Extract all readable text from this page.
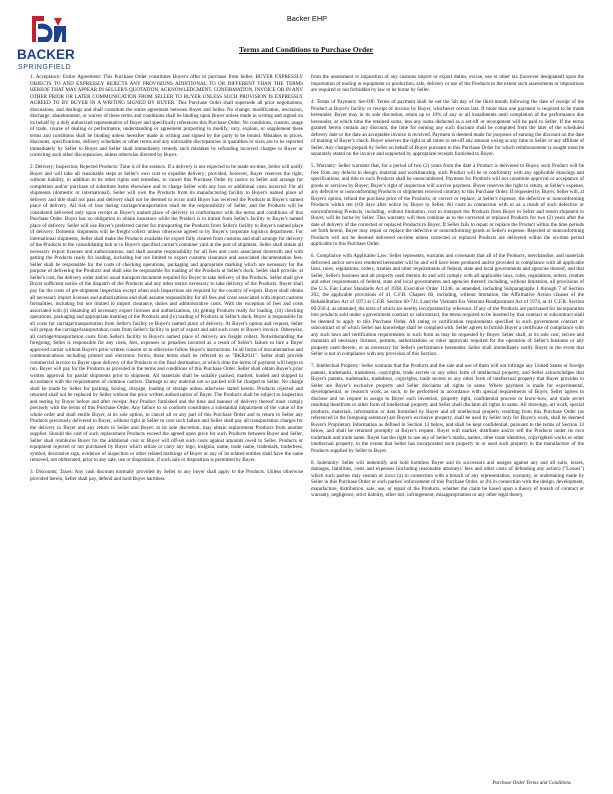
BACKER
SPRINGFIELD
Backer EHP
Terms and Conditions to Purchase Order

1. Acceptance; Entire Agreement: This Purchase Order constitutes Buyer's offer to purchase from Seller. BUYER EXPRESSLY OBJECTS TO AND EXPRESSLY REJECTS ANY PROVISIONS ADDITIONAL TO OR DIFFERENT THAN THE TERMS HEREOF THAT MAY APPEAR IN SELLER'S QUOTATION, ACKNOWLEDGMENT, CONFIRMATION, INVOICE OR IN ANY OTHER PRIOR OR LATER COMMUNICATION FROM SELLER TO BUYER UNLESS SUCH PROVISION IS EXPRESSLY AGREED TO BY BUYER IN A WRITING SIGNED BY BUYER. This Purchase Order shall supersede all prior negotiations, discussions, and dealings and shall constitute the entire agreement between Buyer and Seller. No change, modification, rescission, discharge, abandonment, or waiver of these terms and conditions shall be binding upon Buyer unless made in writing and signed on its behalf by a duly authorized representative of Buyer and specifically references this Purchase Order. No conditions, custom, usage of trade, course of dealing or performance, understanding or agreement purporting to modify, vary, explain, or supplement these terms and conditions shall be binding unless hereafter made in writing and signed by the party to be bound. Mistakes in prices, discounts, specifications, delivery schedules or other terms and any noticeable discrepancies in quantities or sizes are to be reported immediately by Seller to Buyer and Seller shall immediately remedy such mistakes by refunding incorrect charges to Buyer or correcting such other discrepancies, unless otherwise directed by Buyer.

2. Delivery; Inspection; Rejected Products: Time is of the essence. If a delivery is not expected to be made on-time, Seller will notify Buyer and will take all reasonable steps at Seller's own cost to expedite delivery; provided, however, Buyer reserves the right, without liability, in addition to its other rights and remedies, to cancel this Purchase Order by notice to Seller and arrange for completion and/or purchase of substitute items elsewhere and to charge Seller with any loss or additional costs incurred. For all shipments (domestic or international), Seller will own the Products from its manufacturing facility to Buyer's named place of delivery and title shall not pass and delivery shall not be deemed to occur until Buyer has received the Products at Buyer's named place of delivery. All risk of loss during carriage/transportation shall be the responsibility of Seller, and the Products will be considered delivered only upon receipt at Buyer's named place of delivery in conformance with the terms and conditions of this Purchase Order. Buyer has no obligation to obtain insurance while the Product is in transit from Seller's facility to Buyer's named place of delivery. Seller will use Buyer's preferred carrier for transporting the Products from Seller's facility to Buyer's named place of delivery. Domestic shipments will be freight collect unless otherwise agreed to by Buyer's corporate logistics department. For international shipments, Seller shall make the Products available for export fully cleared from customs and shall arrange for delivery of the Products to the consolidating hub or to Buyer's specified carrier's container yard at the port of shipment. Seller shall obtain all necessary export licenses and authorizations, and shall assume responsibility for all fees and costs associated therewith and with getting the Products ready for loading, including but not limited to export customs clearance and associated documentation fees. Seller shall be responsible for the costs of checking operations, packaging and appropriate marking which are necessary for the purpose of delivering the Products and shall also be responsible for loading of the Products at Seller's dock. Seller shall provide, at Seller's cost, the delivery order and/or usual transport document required for Buyer to take delivery of the Products. Seller shall give Buyer sufficient notice of the dispatch of the Products and any other notice necessary to take delivery of the Products. Buyer shall pay for the costs of pre-shipment inspection except when such inspections are required by the country of export. Buyer shall obtain all necessary import licenses and authorizations and shall assume responsibility for all fees and costs associated with import customs formalities, including but not limited to import clearance, duties and administrative costs. With the exception of fees and costs associated with (i) obtaining all necessary export licenses and authorizations, (ii) getting Products ready for loading, (iii) checking operations, packaging and appropriate marking of the Products and (iv) loading of Products at Seller's dock, Buyer is responsible for all costs for carriage/transportation from Seller's facility to Buyer's named place of delivery. At Buyer's option and request, Seller will prepay the carriage/transportation costs from Seller's facility to port of export and add such costs to Buyer's invoice. Otherwise, all carriage/transportation costs from Seller's facility to Buyer's named place of delivery are freight collect. Notwithstanding the foregoing, Seller is responsible for any costs, fees, expenses or penalties incurred as a result of Seller's failure to hire a Buyer approved carrier without Buyer's prior written consent or to otherwise follow Buyer's instructions. In all forms of documentation and communications including printed and electronic forms, these terms shall be referred to as "BKR2011". Seller shall provide commercial invoice to Buyer upon delivery of the Products to the final destination, at which time the terms of payment will begin to run. Buyer will pay for the Products as provided in the terms and conditions of this Purchase Order. Seller shall obtain Buyer's prior written approval for partial shipments prior to shipment. All materials shall be suitably packed, marked, loaded and shipped in accordance with the requirements of common carriers. Damage to any material not so packed will be charged to Seller. No charge shall be made by Seller for packing, boxing, drayage, loading or storage unless otherwise stated herein. Products rejected and returned shall not be replaced by Seller without the prior written authorization of Buyer. The Products shall be subject to inspection and testing by Buyer before and after receipt. Any Product furnished and the time and manner of delivery thereof must comply precisely with the terms of this Purchase Order. Any failure to so conform constitutes a substantial impairment of the value of the whole order and shall entitle Buyer, at its sole option, to cancel all or any part of this Purchase Order and to return to Seller any Products previously delivered to Buyer, without right in Seller to cure such failure and Seller shall pay all transportation charges for the delivery to Buyer and any return to Seller and Buyer, at its sole discretion, may obtain replacement Products from another supplier. Should the cost of such replacement Products exceed the agreed upon price for such Products between Buyer and Seller, Seller shall reimburse Buyer for the additional cost or Buyer will off-set such costs against amounts owed to Seller. Products or equipment rejected or not purchased by Buyer which utilize or carry any logo, insignia, name, trade name, trademark, tradedress, symbol, decorative sign, evidence of inspection or other related markings of Buyer or any of its related entities shall have the same removed, not obliterated, prior to any sale, use or disposition, if such sale or disposition is permitted by Buyer.

3. Discounts; Taxes: Any cash discount normally provided by Seller to any buyer shall apply to the Products. Unless otherwise provided herein, Seller shall pay, defend and hold Buyer harmless

from the assessment or imposition of any customs import or export duties, excise, use or other tax (however designated) upon the importation of tooling or equipment or production, sale, delivery or use of the Products to the extent such assessments or impositions are required or not forbidden by law to be borne by Seller.

4. Terms of Payment; Set-Off: Terms of payment shall be net the 5th day of the third month following the date of receipt of the Product at Buyer's facility or receipt of invoice by Buyer, whichever occurs last. If more than one payment is required to be made hereunder, Buyer may in its sole discretion, retain up to 10% of any or all installments until completion of the performance due hereunder, at which time the retained sums, less any sums deducted as a set-off or recoupment will be paid to Seller. If the terms granted herein contain any discount, the time for earning any such discount shall be computed from the later of the scheduled delivery date or the date an acceptable invoice is received. Payment is deemed made for purposes of earning the discount on the date of mailing of Buyer's check. Buyer reserves the right at all times to set-off any amount owing at any time to Seller or any affiliate of Seller. Any charges prepaid by Seller on behalf of Buyer pursuant to this Purchase Order for which reimbursement is sought must be separately stated on the invoice and supported by appropriate receipts furnished to Buyer.

5. Warranty: Seller warrants that, for a period of two (2) years from the date a Product is delivered to Buyer, such Product will be free from any defects in design, material and workmanship, such Product will be in conformity with any applicable drawings and specifications, and title to such Products shall be unencumbered. Payment for Products will not constitute approval or acceptance of goods or services by Buyer; Buyer's right of inspection will survive payment. Buyer reserves the right to return, at Seller's expense, any defective or nonconforming Products or shipments received contrary to this Purchase Order. If requested by Buyer, Seller will, at Buyer's option, refund the purchase price of the Products, or correct or replace, at Seller's expense, the defective or nonconforming Products within ten (10) days after notice by Buyer to Seller. All costs in connection with or as a result of such defective or nonconforming Products, including, without limitation, cost to transport the Products from Buyer to Seller and return shipment to Buyer, will be borne by Seller. This warranty will then continue as to the corrected or replaced Products for two (2) years after the date of delivery of the corrected or replaced Products to Buyer. If Seller fails to repair or replace the Product within the time periods set forth herein, Buyer may repair or replace the defective or nonconforming goods at Seller's expense. Rejected or nonconforming Products will not be deemed delivered on-time unless corrected or replaced Products are delivered within the on-time period applicable to this Purchase Order.

6. Compliance with Applicable Law: Seller represents, warrants and covenants that all of the Products, merchandise, and materials delivered and/or services rendered hereunder will be and will have been produced and/or provided in compliance with all applicable laws, rules, regulations, orders, treaties and other requirements of federal, state and local governments and agencies thereof, and that Seller, Seller's business and all property used therein do and will comply with all applicable laws, rules, regulations, orders, treaties and other requirements of federal, state and local governments and agencies thereof; including, without limitation, all provisions of the U.S. Fair Labor Standards Act of 1938, Executive Order 11246, as amended, including Subparagraphs 1 through 7 of Section 202, the applicable provisions of 41 C.F.R. Chapter 60, including, without limitation, the Affirmative Action clauses of the Rehabilitation Act of 1973 at C.F.R. Section 60-741.4 and the Vietnam Era Veterans Readjustment Act of 1974, at 41 C.F.R. Section 60-250.4, as amended, the texts of which are hereby incorporated by reference. If any of the Products are purchased for incorporation into products sold under a government contract or subcontract, the terms required to be inserted by that contract or subcontract shall be deemed to apply to this Purchase Order. All rating or certification requirements specified in such government contract or subcontract or of which Seller has knowledge shall be complied with. Seller agrees to furnish Buyer a certificate of compliance with any such laws and certification requirements in such form as may be requested by Buyer. Seller shall, at its sole cost, secure and maintain all necessary licenses, permits, authorizations or other approvals required for the operation of Seller's business or any property used therein, or as necessary for Seller's performance hereunder. Seller shall immediately notify Buyer in the event that Seller is not in compliance with any provision of this Section.

7. Intellectual Property: Seller warrants that the Products and the sale and use of them will not infringe any United States or foreign patents, trademarks, tradedress, copyrights, trade secrets or any other form of intellectual property, and Seller acknowledges that Buyer's patents, trademarks, tradedress, copyrights, trade secrets or any other form of intellectual property that Buyer provides to Seller are Buyer's exclusive property and Seller disclaims all rights in same. Where payment is made for experimental, developmental, or research work, as such, to be performed in accordance with special requirements of Buyer, Seller agrees to disclose and on request to assign to Buyer each invention, property right, confidential process or know-how, and trade secret resulting therefrom or other form of intellectual property and Seller shall disclaim all rights in same. All drawings, art work, special products, materials, information or data furnished by Buyer and all intellectual property resulting from this Purchase Order (as referenced in the foregoing sentence) are Buyer's exclusive property, shall be used by Seller only for Buyer's work, shall be deemed Buyer's Proprietary Information as defined in Section 13 below, and shall be kept confidential, pursuant to the terms of Section 13 below, and shall be returned promptly at Buyer's request. Buyer will market, distribute and/or sell the Products under its own trademark and trade name. Buyer has the right to use any of Seller's marks, names, other trade identities, copyrighted works or other intellectual property, to the extent that Seller has incorporated such property in or used such property in the manufacture of the Products supplied by Seller to Buyer.

8. Indemnity: Seller will indemnify and hold harmless Buyer and its successors and assigns against any and all suits, losses, damages, liabilities, costs and expenses (including reasonable attorneys' fees and other costs of defending any action) ("Losses") which such parties may sustain or incur (a) in connection with a breach of any representation, warranty, or undertaking made by Seller in this Purchase Order or such parties' enforcement of this Purchase Order, or (b) in connection with the design, development, manufacture, distribution, sale, use, or repair of the Products, whether the claim be based upon a theory of breach of contract or warranty, negligence, strict liability, other tort, infringement, misappropriation or any other legal theory,

Purchase Order Terms and Conditions
